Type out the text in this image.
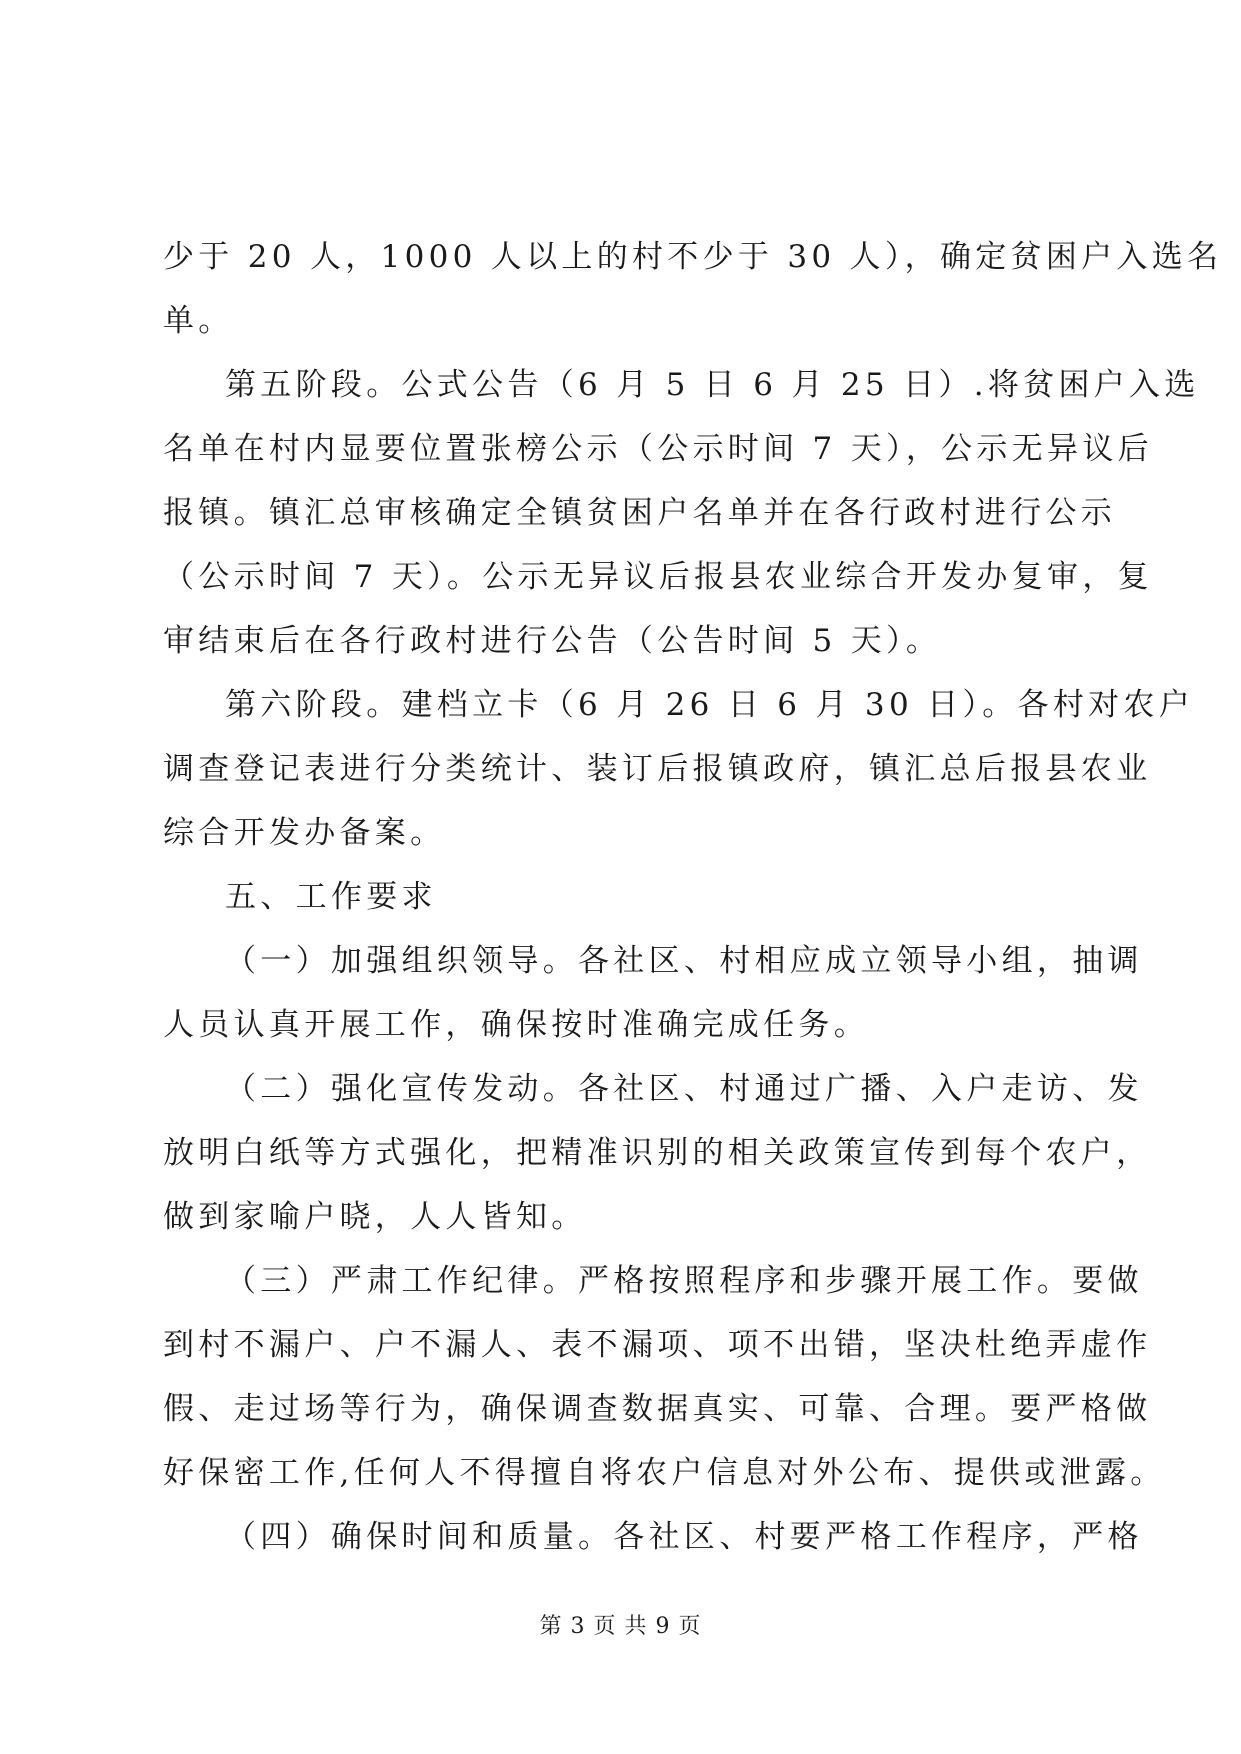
少于 20 人，1000 人以上的村不少于 30 人），确定贫困户入选名
单。
第五阶段。公式公告（6 月 5 日 6 月 25 日）.将贫困户入选
名单在村内显要位置张榜公示（公示时间 7 天），公示无异议后
报镇。镇汇总审核确定全镇贫困户名单并在各行政村进行公示
（公示时间 7 天）。公示无异议后报县农业综合开发办复审，复
审结束后在各行政村进行公告（公告时间 5 天）。
第六阶段。建档立卡（6 月 26 日 6 月 30 日）。各村对农户
调查登记表进行分类统计、装订后报镇政府，镇汇总后报县农业
综合开发办备案。
五、工作要求
（一）加强组织领导。各社区、村相应成立领导小组，抽调
人员认真开展工作，确保按时准确完成任务。
（二）强化宣传发动。各社区、村通过广播、入户走访、发
放明白纸等方式强化，把精准识别的相关政策宣传到每个农户，
做到家喻户晓，人人皆知。
（三）严肃工作纪律。严格按照程序和步骤开展工作。要做
到村不漏户、户不漏人、表不漏项、项不出错，坚决杜绝弄虚作
假、走过场等行为，确保调查数据真实、可靠、合理。要严格做
好保密工作,任何人不得擅自将农户信息对外公布、提供或泄露。
（四）确保时间和质量。各社区、村要严格工作程序，严格
第 3 页 共 9 页
